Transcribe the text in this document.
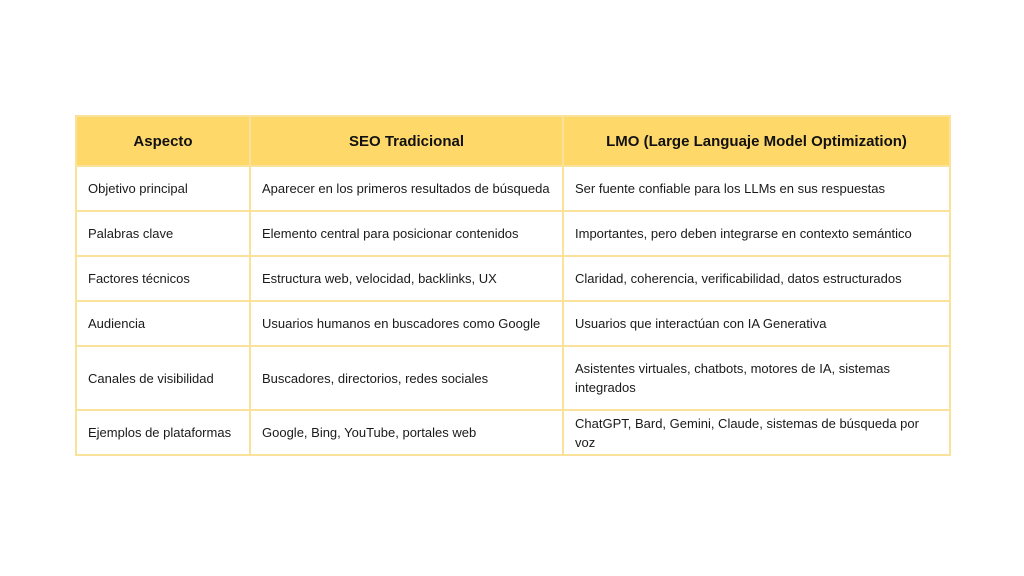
Aspecto	SEO Tradicional	LMO (Large Languaje Model Optimization)
Objetivo principal	Aparecer en los primeros resultados de búsqueda	Ser fuente confiable para los LLMs en sus respuestas
Palabras clave	Elemento central para posicionar contenidos	Importantes, pero deben integrarse en contexto semántico
Factores técnicos	Estructura web, velocidad, backlinks, UX	Claridad, coherencia, verificabilidad, datos estructurados
Audiencia	Usuarios humanos en buscadores como Google	Usuarios que interactúan con IA Generativa
Canales de visibilidad	Buscadores, directorios, redes sociales	Asistentes virtuales, chatbots, motores de IA, sistemas integrados
Ejemplos de plataformas	Google, Bing, YouTube, portales web	ChatGPT, Bard, Gemini, Claude, sistemas de búsqueda por voz
